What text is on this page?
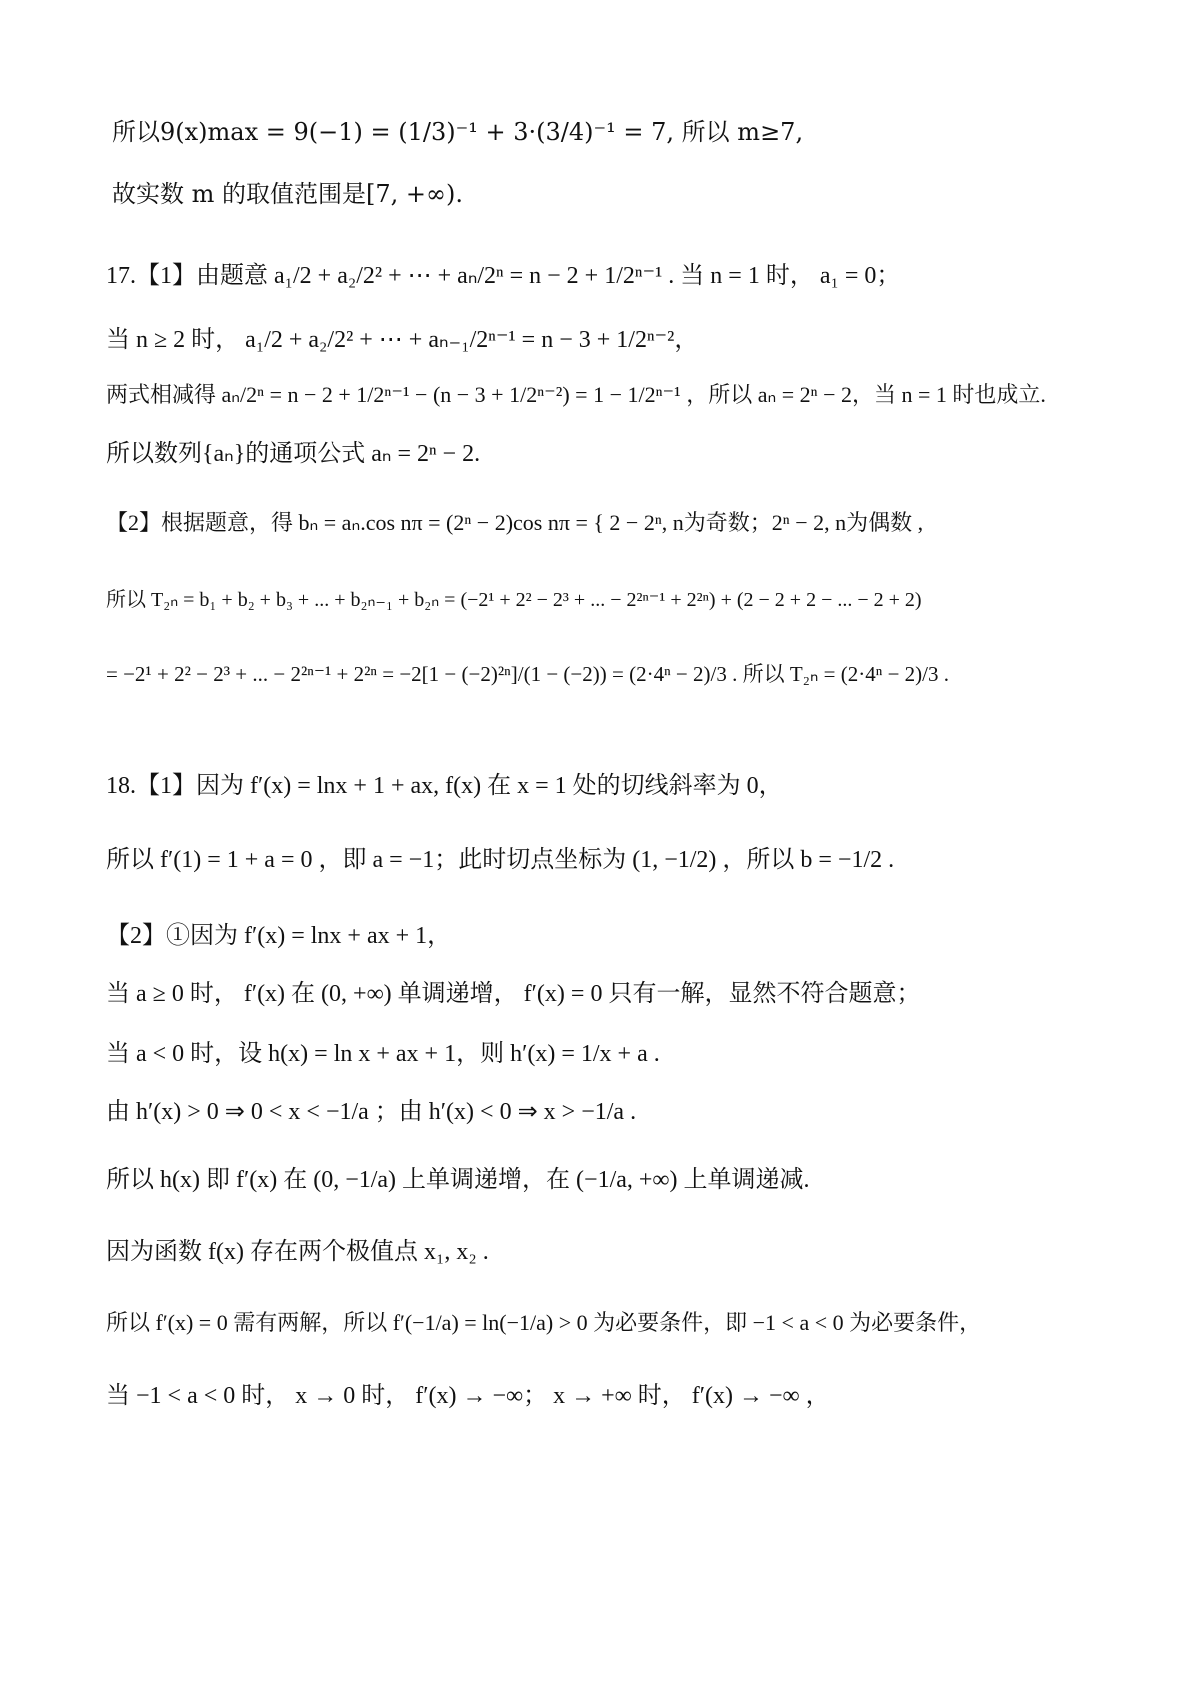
所以9(x)max = 9(−1) = (1/3)⁻¹ + 3·(3/4)⁻¹ = 7, 所以 m≥7,
故实数 m 的取值范围是[7, +∞).
17.【1】由题意 a₁/2 + a₂/2² + ⋯ + aₙ/2ⁿ = n − 2 + 1/2ⁿ⁻¹ . 当 n = 1 时， a₁ = 0；
当 n ≥ 2 时， a₁/2 + a₂/2² + ⋯ + aₙ₋₁/2ⁿ⁻¹ = n − 3 + 1/2ⁿ⁻²，
两式相减得 aₙ/2ⁿ = n − 2 + 1/2ⁿ⁻¹ − (n − 3 + 1/2ⁿ⁻²) = 1 − 1/2ⁿ⁻¹ ，所以 aₙ = 2ⁿ − 2，当 n = 1 时也成立.
所以数列{aₙ}的通项公式 aₙ = 2ⁿ − 2.
【2】根据题意，得 bₙ = aₙ.cos nπ = (2ⁿ − 2)cos nπ = { 2 − 2ⁿ, n为奇数；2ⁿ − 2, n为偶数 ,
所以 T₂ₙ = b₁ + b₂ + b₃ + ... + b₂ₙ₋₁ + b₂ₙ = (−2¹ + 2² − 2³ + ... − 2²ⁿ⁻¹ + 2²ⁿ) + (2 − 2 + 2 − ... − 2 + 2)
= −2¹ + 2² − 2³ + ... − 2²ⁿ⁻¹ + 2²ⁿ = −2[1 − (−2)²ⁿ]/(1 − (−2)) = (2·4ⁿ − 2)/3 . 所以 T₂ₙ = (2·4ⁿ − 2)/3 .
18.【1】因为 f′(x) = lnx + 1 + ax, f(x) 在 x = 1 处的切线斜率为 0，
所以 f′(1) = 1 + a = 0 ，即 a = −1；此时切点坐标为 (1, −1/2) ，所以 b = −1/2 .
【2】①因为 f′(x) = lnx + ax + 1，
当 a ≥ 0 时， f′(x) 在 (0, +∞) 单调递增， f′(x) = 0 只有一解，显然不符合题意；
当 a < 0 时，设 h(x) = ln x + ax + 1，则 h′(x) = 1/x + a .
由 h′(x) > 0 ⇒ 0 < x < −1/a ；由 h′(x) < 0 ⇒ x > −1/a .
所以 h(x) 即 f′(x) 在 (0, −1/a) 上单调递增，在 (−1/a, +∞) 上单调递减.
因为函数 f(x) 存在两个极值点 x₁, x₂ .
所以 f′(x) = 0 需有两解，所以 f′(−1/a) = ln(−1/a) > 0 为必要条件，即 −1 < a < 0 为必要条件，
当 −1 < a < 0 时， x → 0 时， f′(x) → −∞； x → +∞ 时， f′(x) → −∞ ，
